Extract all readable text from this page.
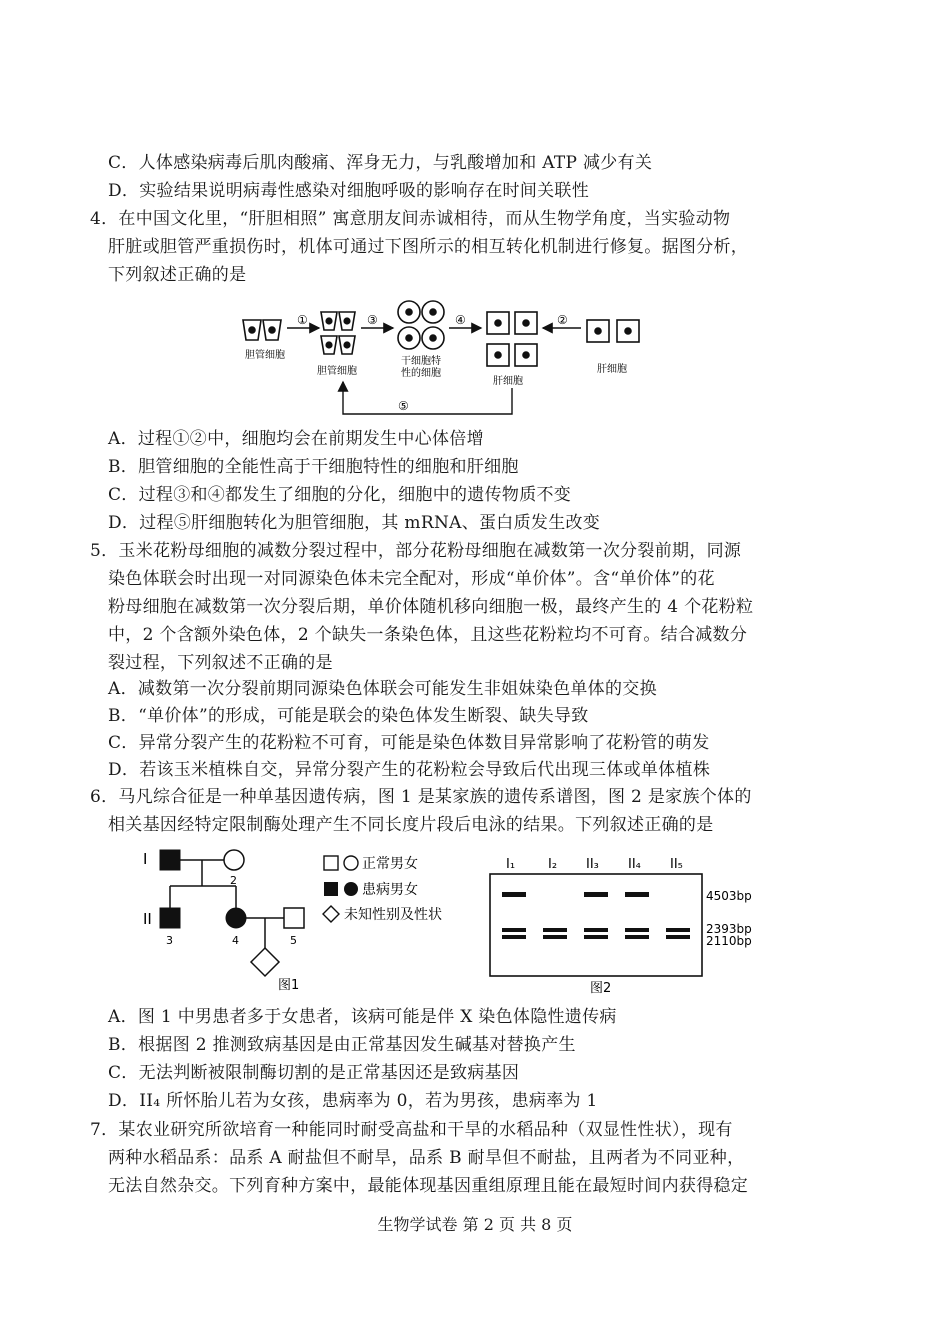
C．人体感染病毒后肌肉酸痛、浑身无力，与乳酸增加和 ATP 减少有关
D．实验结果说明病毒性感染对细胞呼吸的影响存在时间关联性
4．在中国文化里，“肝胆相照” 寓意朋友间赤诚相待，而从生物学角度，当实验动物
肝脏或胆管严重损伤时，机体可通过下图所示的相互转化机制进行修复。据图分析，
下列叙述正确的是
胆管细胞
①
胆管细胞
③
干细胞特
性的细胞
④
肝细胞
②
肝细胞
⑤
A．过程①②中，细胞均会在前期发生中心体倍增
B．胆管细胞的全能性高于干细胞特性的细胞和肝细胞
C．过程③和④都发生了细胞的分化，细胞中的遗传物质不变
D．过程⑤肝细胞转化为胆管细胞，其 mRNA、蛋白质发生改变
5．玉米花粉母细胞的减数分裂过程中，部分花粉母细胞在减数第一次分裂前期，同源
染色体联会时出现一对同源染色体未完全配对，形成“单价体”。含“单价体”的花
粉母细胞在减数第一次分裂后期，单价体随机移向细胞一极，最终产生的 4 个花粉粒
中，2 个含额外染色体，2 个缺失一条染色体，且这些花粉粒均不可育。结合减数分
裂过程，下列叙述不正确的是
A．减数第一次分裂前期同源染色体联会可能发生非姐妹染色单体的交换
B．“单价体”的形成，可能是联会的染色体发生断裂、缺失导致
C．异常分裂产生的花粉粒不可育，可能是染色体数目异常影响了花粉管的萌发
D．若该玉米植株自交，异常分裂产生的花粉粒会导致后代出现三体或单体植株
6．马凡综合征是一种单基因遗传病，图 1 是某家族的遗传系谱图，图 2 是家族个体的
相关基因经特定限制酶处理产生不同长度片段后电泳的结果。下列叙述正确的是
I
2
II
3	4	5
图1
正常男女
患病男女
未知性别及性状
I₁	I₂ II₃ II₄ II₅
4503bp
2393bp
2110bp
图2
A．图 1 中男患者多于女患者，该病可能是伴 X 染色体隐性遗传病
B．根据图 2 推测致病基因是由正常基因发生碱基对替换产生
C．无法判断被限制酶切割的是正常基因还是致病基因
D．II₄ 所怀胎儿若为女孩，患病率为 0，若为男孩，患病率为 1
7．某农业研究所欲培育一种能同时耐受高盐和干旱的水稻品种（双显性性状），现有
两种水稻品系：品系 A 耐盐但不耐旱，品系 B 耐旱但不耐盐，且两者为不同亚种，
无法自然杂交。下列育种方案中，最能体现基因重组原理且能在最短时间内获得稳定
生物学试卷 第 2 页 共 8 页
